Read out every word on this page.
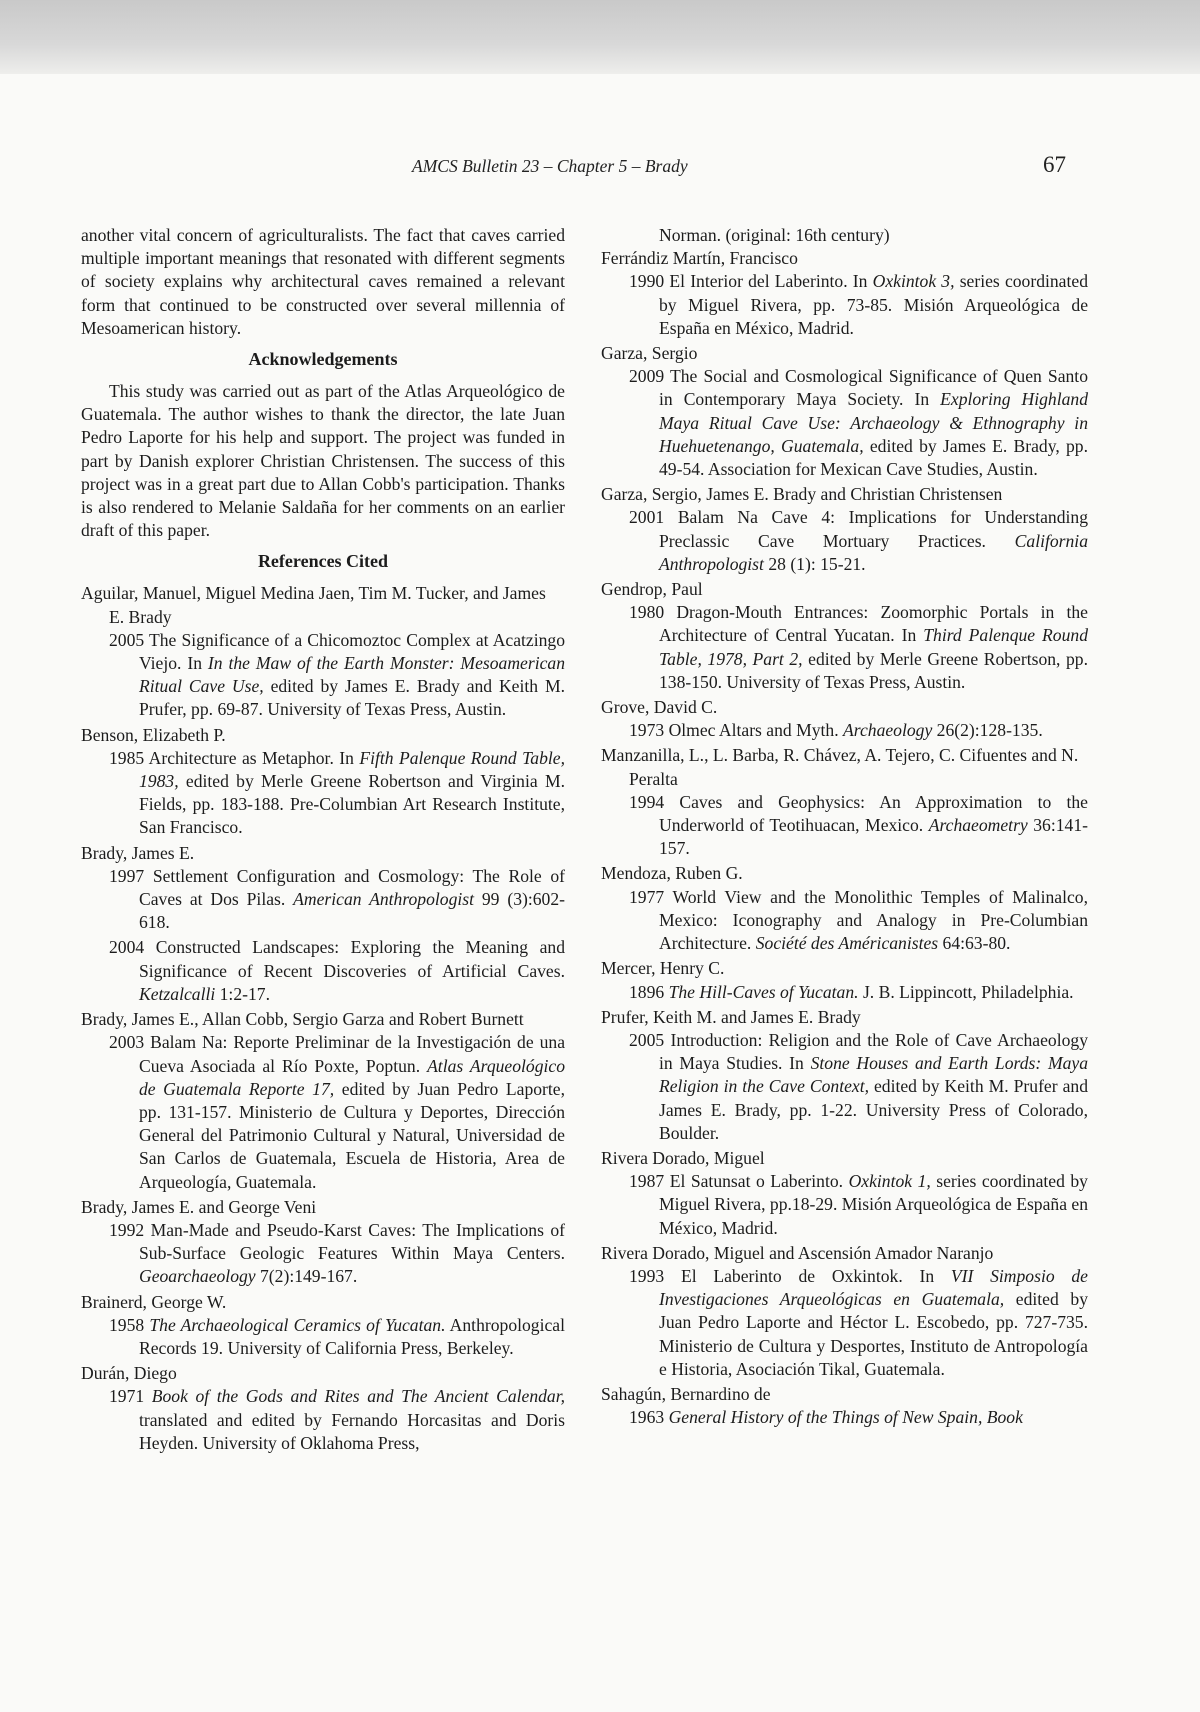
AMCS Bulletin 23 – Chapter 5 – Brady	67

another vital concern of agriculturalists. The fact that caves carried multiple important meanings that resonated with different segments of society explains why architectural caves remained a relevant form that continued to be constructed over several millennia of Mesoamerican history.

Acknowledgements

This study was carried out as part of the Atlas Arqueológico de Guatemala. The author wishes to thank the director, the late Juan Pedro Laporte for his help and support. The project was funded in part by Danish explorer Christian Christensen. The success of this project was in a great part due to Allan Cobb's participation. Thanks is also rendered to Melanie Saldaña for her comments on an earlier draft of this paper.

References Cited

Aguilar, Manuel, Miguel Medina Jaen, Tim M. Tucker, and James E. Brady

2005 The Significance of a Chicomoztoc Complex at Acatzingo Viejo. In In the Maw of the Earth Monster: Mesoamerican Ritual Cave Use, edited by James E. Brady and Keith M. Prufer, pp. 69-87. University of Texas Press, Austin.

Benson, Elizabeth P.

1985 Architecture as Metaphor. In Fifth Palenque Round Table, 1983, edited by Merle Greene Robertson and Virginia M. Fields, pp. 183-188. Pre-Columbian Art Research Institute, San Francisco.

Brady, James E.

1997 Settlement Configuration and Cosmology: The Role of Caves at Dos Pilas. American Anthropologist 99 (3):602-618.

2004 Constructed Landscapes: Exploring the Meaning and Significance of Recent Discoveries of Artificial Caves. Ketzalcalli 1:2-17.

Brady, James E., Allan Cobb, Sergio Garza and Robert Burnett

2003 Balam Na: Reporte Preliminar de la Investigación de una Cueva Asociada al Río Poxte, Poptun. Atlas Arqueológico de Guatemala Reporte 17, edited by Juan Pedro Laporte, pp. 131-157. Ministerio de Cultura y Deportes, Dirección General del Patrimonio Cultural y Natural, Universidad de San Carlos de Guatemala, Escuela de Historia, Area de Arqueología, Guatemala.

Brady, James E. and George Veni

1992 Man-Made and Pseudo-Karst Caves: The Implications of Sub-Surface Geologic Features Within Maya Centers. Geoarchaeology 7(2):149-167.

Brainerd, George W.

1958 The Archaeological Ceramics of Yucatan. Anthropological Records 19. University of California Press, Berkeley.

Durán, Diego

1971 Book of the Gods and Rites and The Ancient Calendar, translated and edited by Fernando Horcasitas and Doris Heyden. University of Oklahoma Press,

Norman. (original: 16th century)

Ferrándiz Martín, Francisco

1990 El Interior del Laberinto. In Oxkintok 3, series coordinated by Miguel Rivera, pp. 73-85. Misión Arqueológica de España en México, Madrid.

Garza, Sergio

2009 The Social and Cosmological Significance of Quen Santo in Contemporary Maya Society. In Exploring Highland Maya Ritual Cave Use: Archaeology & Ethnography in Huehuetenango, Guatemala, edited by James E. Brady, pp. 49-54. Association for Mexican Cave Studies, Austin.

Garza, Sergio, James E. Brady and Christian Christensen

2001 Balam Na Cave 4: Implications for Understanding Preclassic Cave Mortuary Practices. California Anthropologist 28 (1): 15-21.

Gendrop, Paul

1980 Dragon-Mouth Entrances: Zoomorphic Portals in the Architecture of Central Yucatan. In Third Palenque Round Table, 1978, Part 2, edited by Merle Greene Robertson, pp. 138-150. University of Texas Press, Austin.

Grove, David C.

1973 Olmec Altars and Myth. Archaeology 26(2):128-135.

Manzanilla, L., L. Barba, R. Chávez, A. Tejero, C. Cifuentes and N. Peralta

1994 Caves and Geophysics: An Approximation to the Underworld of Teotihuacan, Mexico. Archaeometry 36:141-157.

Mendoza, Ruben G.

1977 World View and the Monolithic Temples of Malinalco, Mexico: Iconography and Analogy in Pre-Columbian Architecture. Société des Américanistes 64:63-80.

Mercer, Henry C.

1896 The Hill-Caves of Yucatan. J. B. Lippincott, Philadelphia.

Prufer, Keith M. and James E. Brady

2005 Introduction: Religion and the Role of Cave Archaeology in Maya Studies. In Stone Houses and Earth Lords: Maya Religion in the Cave Context, edited by Keith M. Prufer and James E. Brady, pp. 1-22. University Press of Colorado, Boulder.

Rivera Dorado, Miguel

1987 El Satunsat o Laberinto. Oxkintok 1, series coordinated by Miguel Rivera, pp.18-29. Misión Arqueológica de España en México, Madrid.

Rivera Dorado, Miguel and Ascensión Amador Naranjo

1993 El Laberinto de Oxkintok. In VII Simposio de Investigaciones Arqueológicas en Guatemala, edited by Juan Pedro Laporte and Héctor L. Escobedo, pp. 727-735. Ministerio de Cultura y Desportes, Instituto de Antropología e Historia, Asociación Tikal, Guatemala.

Sahagún, Bernardino de

1963 General History of the Things of New Spain, Book
